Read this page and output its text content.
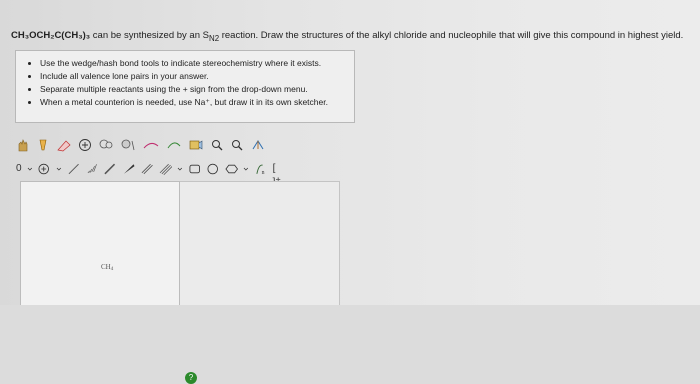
CH₃OCH₂C(CH₃)₃ can be synthesized by an $S_{N2}$ reaction. Draw the structures of the alkyl chloride and nucleophile that will give this compound in highest yield.
• Use the wedge/hash bond tools to indicate stereochemistry where it exists.
• Include all valence lone pairs in your answer.
• Separate multiple reactants using the + sign from the drop-down menu.
• When a metal counterion is needed, use Na⁺, but draw it in its own sketcher.
0	n [
?
CH4
